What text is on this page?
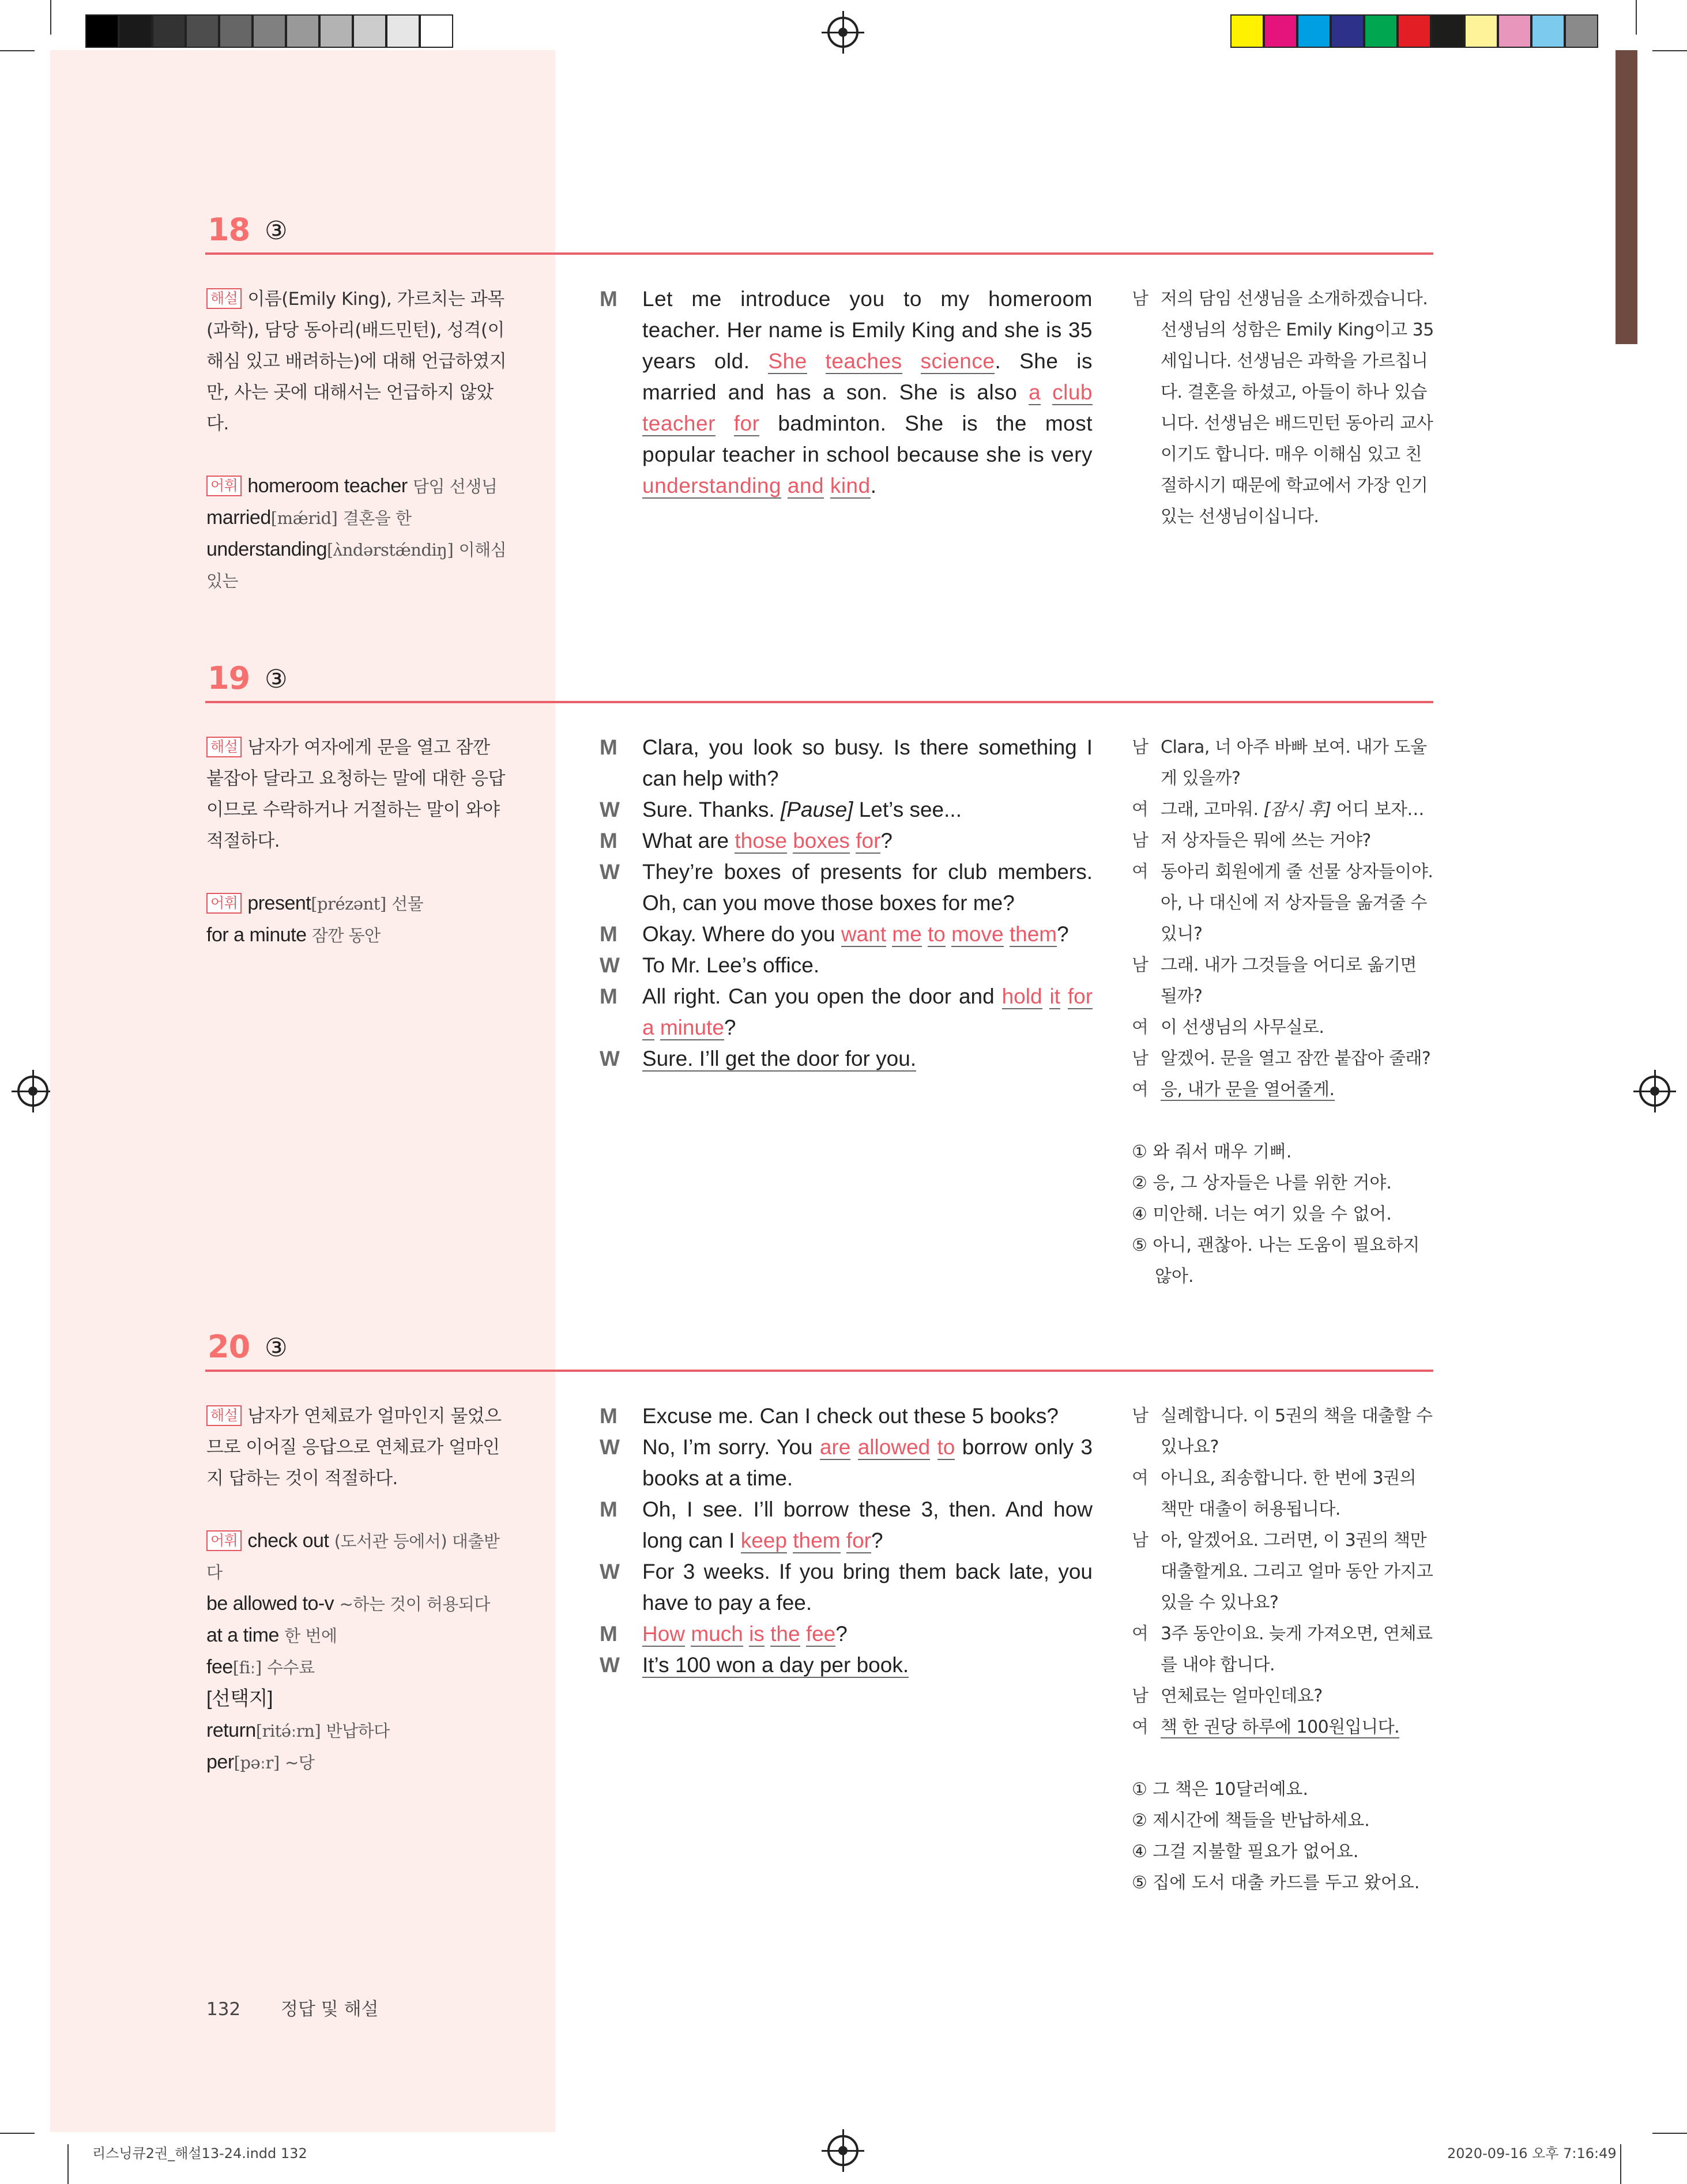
18 ③
해설 이름(Emily King), 가르치는 과목(과학), 담당 동아리(배드민턴), 성격(이해심 있고 배려하는)에 대해 언급하였지만, 사는 곳에 대해서는 언급하지 않았다.
어휘 homeroom teacher 담임 선생님
married[mǽrid] 결혼을 한
understanding[ʌ̀ndərstǽndiŋ] 이해심 있는
M Let me introduce you to my homeroom teacher. Her name is Emily King and she is 35 years old. She teaches science. She is married and has a son. She is also a club teacher for badminton. She is the most popular teacher in school because she is very understanding and kind.
남 저의 담임 선생님을 소개하겠습니다. 선생님의 성함은 Emily King이고 35세입니다. 선생님은 과학을 가르칩니다. 결혼을 하셨고, 아들이 하나 있습니다. 선생님은 배드민턴 동아리 교사이기도 합니다. 매우 이해심 있고 친절하시기 때문에 학교에서 가장 인기 있는 선생님이십니다.
19 ③
해설 남자가 여자에게 문을 열고 잠깐 붙잡아 달라고 요청하는 말에 대한 응답이므로 수락하거나 거절하는 말이 와야 적절하다.
어휘 present[prézənt] 선물
for a minute 잠깐 동안
M Clara, you look so busy. Is there something I can help with?
W Sure. Thanks. [Pause] Let’s see...
M What are those boxes for?
W They’re boxes of presents for club members. Oh, can you move those boxes for me?
M Okay. Where do you want me to move them?
W To Mr. Lee’s office.
M All right. Can you open the door and hold it for a minute?
W Sure. I’ll get the door for you.
남 Clara, 너 아주 바빠 보여. 내가 도울 게 있을까?
여 그래, 고마워. [잠시 후] 어디 보자…
남 저 상자들은 뭐에 쓰는 거야?
여 동아리 회원에게 줄 선물 상자들이야. 아, 나 대신에 저 상자들을 옮겨줄 수 있니?
남 그래. 내가 그것들을 어디로 옮기면 될까?
여 이 선생님의 사무실로.
남 알겠어. 문을 열고 잠깐 붙잡아 줄래?
여 응, 내가 문을 열어줄게.
① 와 줘서 매우 기뻐.
② 응, 그 상자들은 나를 위한 거야.
④ 미안해. 너는 여기 있을 수 없어.
⑤ 아니, 괜찮아. 나는 도움이 필요하지 않아.
20 ③
해설 남자가 연체료가 얼마인지 물었으므로 이어질 응답으로 연체료가 얼마인지 답하는 것이 적절하다.
어휘 check out (도서관 등에서) 대출받다
be allowed to-v ~하는 것이 허용되다
at a time 한 번에
fee[fiː] 수수료
[선택지]
return[ritə́ːrn] 반납하다
per[pəːr] ~당
M Excuse me. Can I check out these 5 books?
W No, I’m sorry. You are allowed to borrow only 3 books at a time.
M Oh, I see. I’ll borrow these 3, then. And how long can I keep them for?
W For 3 weeks. If you bring them back late, you have to pay a fee.
M How much is the fee?
W It’s 100 won a day per book.
남 실례합니다. 이 5권의 책을 대출할 수 있나요?
여 아니요, 죄송합니다. 한 번에 3권의 책만 대출이 허용됩니다.
남 아, 알겠어요. 그러면, 이 3권의 책만 대출할게요. 그리고 얼마 동안 가지고 있을 수 있나요?
여 3주 동안이요. 늦게 가져오면, 연체료를 내야 합니다.
남 연체료는 얼마인데요?
여 책 한 권당 하루에 100원입니다.
① 그 책은 10달러예요.
② 제시간에 책들을 반납하세요.
④ 그걸 지불할 필요가 없어요.
⑤ 집에 도서 대출 카드를 두고 왔어요.
132 정답 및 해설
리스닝큐2권_해설13-24.indd 132	2020-09-16 오후 7:16:49
